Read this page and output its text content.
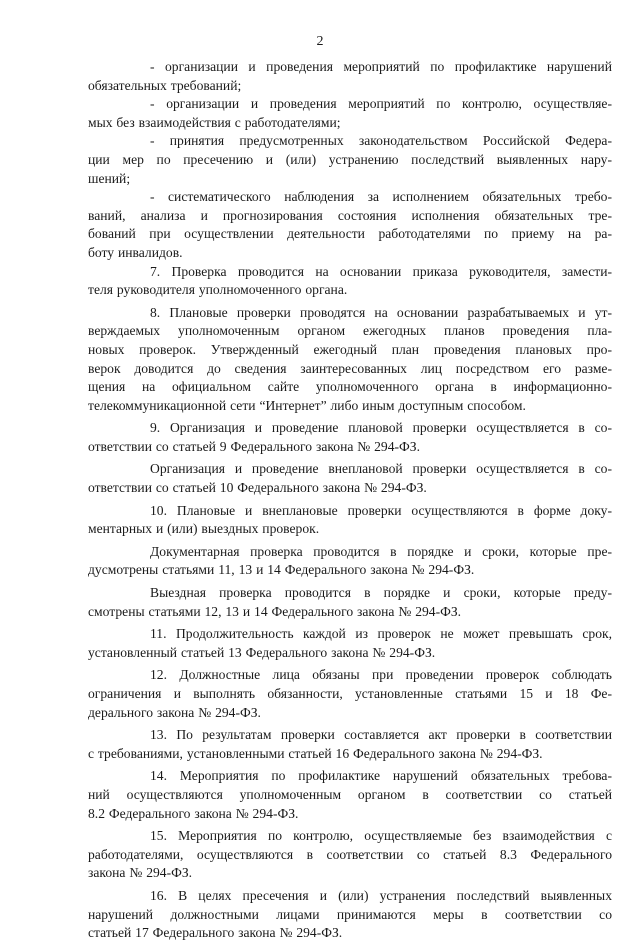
2
- организации и проведения мероприятий по профилактике нарушений
обязательных требований;
- организации и проведения мероприятий по контролю, осуществляе-
мых без взаимодействия с работодателями;
- принятия предусмотренных законодательством Российской Федера-
ции мер по пресечению и (или) устранению последствий выявленных нару-
шений;
- систематического наблюдения за исполнением обязательных требо-
ваний, анализа и прогнозирования состояния исполнения обязательных тре-
бований при осуществлении деятельности работодателями по приему на ра-
боту инвалидов.
7. Проверка проводится на основании приказа руководителя, замести-
теля руководителя уполномоченного органа.
8. Плановые проверки проводятся на основании разрабатываемых и ут-
верждаемых уполномоченным органом ежегодных планов проведения пла-
новых проверок. Утвержденный ежегодный план проведения плановых про-
верок доводится до сведения заинтересованных лиц посредством его разме-
щения на официальном сайте уполномоченного органа в информационно-
телекоммуникационной сети “Интернет” либо иным доступным способом.
9. Организация и проведение плановой проверки осуществляется в со-
ответствии со статьей 9 Федерального закона № 294-ФЗ.
Организация и проведение внеплановой проверки осуществляется в со-
ответствии со статьей 10 Федерального закона № 294-ФЗ.
10. Плановые и внеплановые проверки осуществляются в форме доку-
ментарных и (или) выездных проверок.
Документарная проверка проводится в порядке и сроки, которые пре-
дусмотрены статьями 11, 13 и 14 Федерального закона № 294-ФЗ.
Выездная проверка проводится в порядке и сроки, которые преду-
смотрены статьями 12, 13 и 14 Федерального закона № 294-ФЗ.
11. Продолжительность каждой из проверок не может превышать срок,
установленный статьей 13 Федерального закона № 294-ФЗ.
12. Должностные лица обязаны при проведении проверок соблюдать
ограничения и выполнять обязанности, установленные статьями 15 и 18 Фе-
дерального закона № 294-ФЗ.
13. По результатам проверки составляется акт проверки в соответствии
с требованиями, установленными статьей 16 Федерального закона № 294-ФЗ.
14. Мероприятия по профилактике нарушений обязательных требова-
ний осуществляются уполномоченным органом в соответствии со статьей
8.2 Федерального закона № 294-ФЗ.
15. Мероприятия по контролю, осуществляемые без взаимодействия с
работодателями, осуществляются в соответствии со статьей 8.3 Федерального
закона № 294-ФЗ.
16. В целях пресечения и (или) устранения последствий выявленных
нарушений должностными лицами принимаются меры в соответствии со
статьей 17 Федерального закона № 294-ФЗ.
